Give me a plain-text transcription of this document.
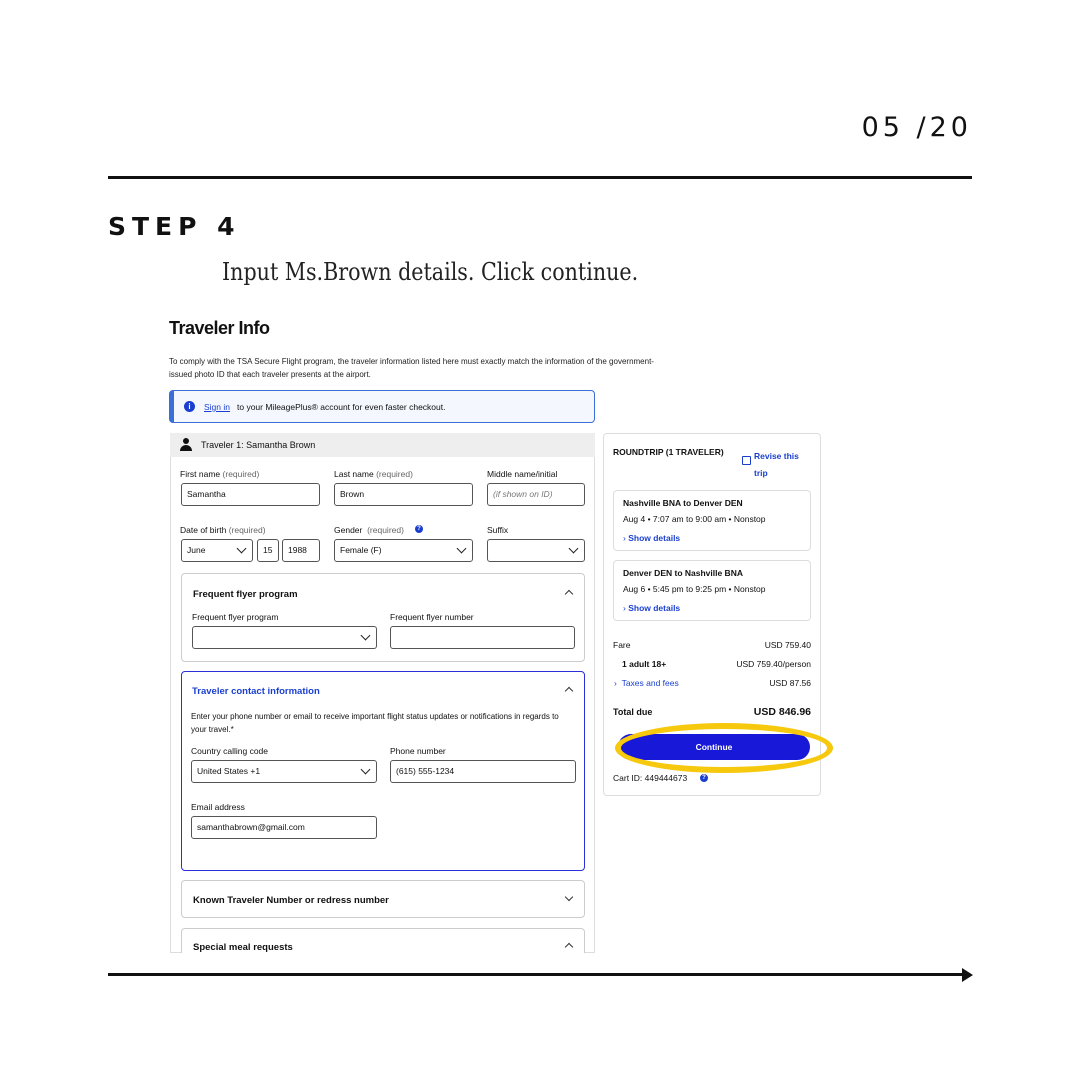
05 /20
STEP 4
Input Ms.Brown details. Click continue.
Traveler Info
To comply with the TSA Secure Flight program, the traveler information listed here must exactly match the information of the government-issued photo ID that each traveler presents at the airport.
i	Sign in to your MileagePlus® account for even faster checkout.
Traveler 1: Samantha Brown
First name (required)
Samantha
Last name (required)
Brown
Middle name/initial
(if shown on ID)
Date of birth (required)
June	15	1988
Gender (required)	?
Female (F)
Suffix
Frequent flyer program
Frequent flyer program	Frequent flyer number
Traveler contact information
Enter your phone number or email to receive important flight status updates or notifications in regards to your travel.*
Country calling code
United States +1
Phone number
(615) 555-1234
Email address
samanthabrown@gmail.com
Known Traveler Number or redress number
Special meal requests
ROUNDTRIP (1 TRAVELER)	Revise this
trip
Nashville BNA to Denver DEN
Aug 4 • 7:07 am to 9:00 am • Nonstop
› Show details
Denver DEN to Nashville BNA
Aug 6 • 5:45 pm to 9:25 pm • Nonstop
› Show details
Fare	USD 759.40
1 adult 18+	USD 759.40/person
›  Taxes and fees	USD 87.56
Total due	USD 846.96
Continue
Cart ID: 449444673	?
